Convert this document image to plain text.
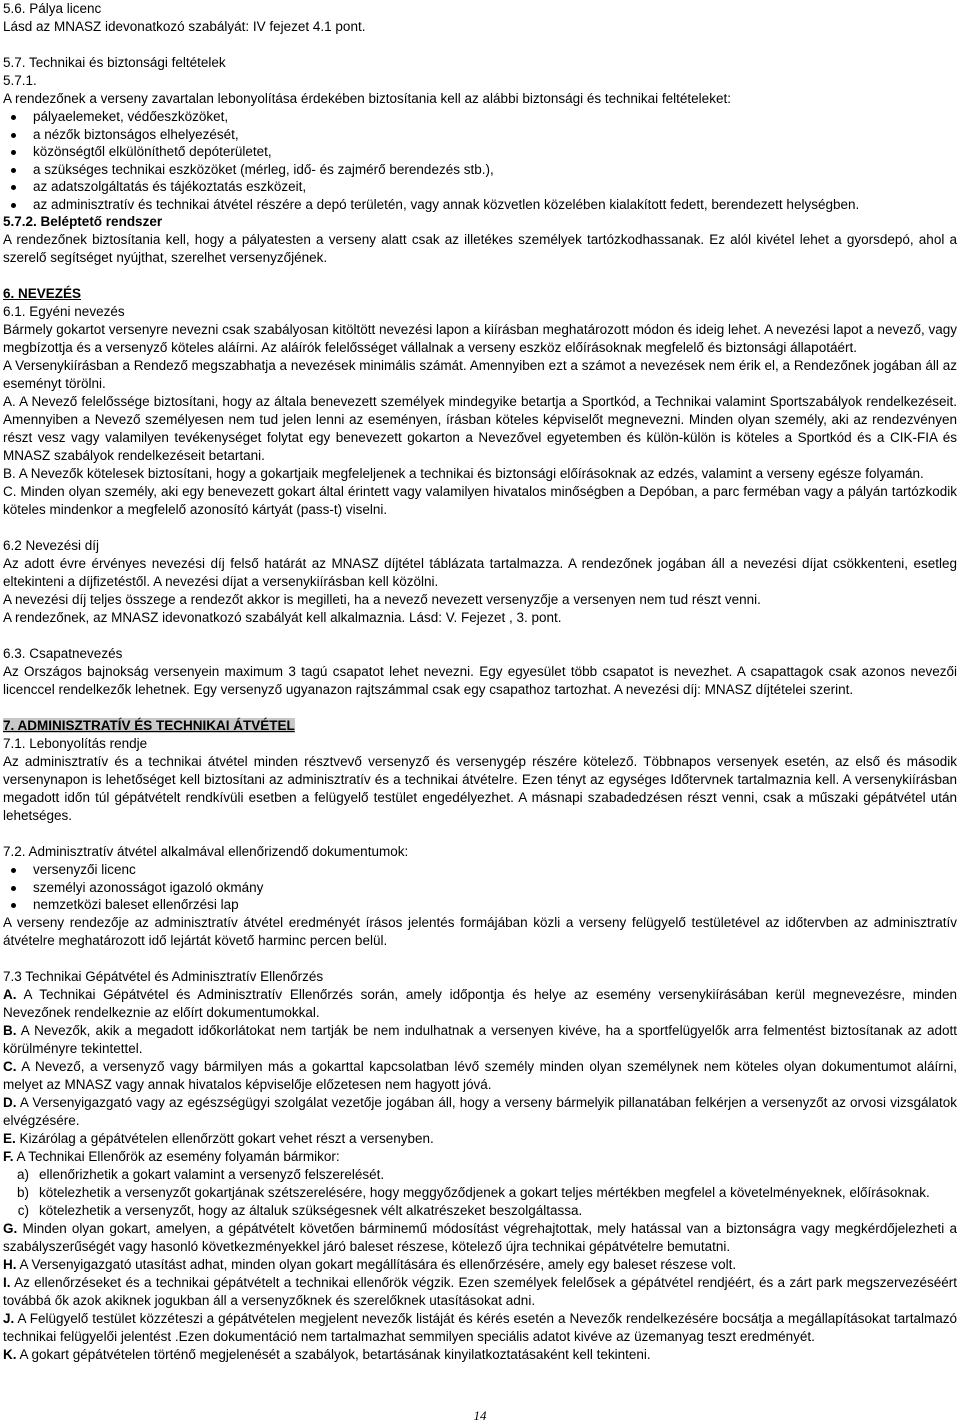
5.6. Pálya licenc

Lásd az MNASZ idevonatkozó szabályát: IV fejezet 4.1 pont.

5.7. Technikai és biztonsági feltételek

5.7.1.

A rendezőnek a verseny zavartalan lebonyolítása érdekében biztosítania kell az alábbi biztonsági és technikai feltételeket:

pályaelemeket, védőeszközöket,
a nézők biztonságos elhelyezését,
közönségtől elkülöníthető depóterületet,
a szükséges technikai eszközöket (mérleg, idő- és zajmérő berendezés stb.),
az adatszolgáltatás és tájékoztatás eszközeit,
az adminisztratív és technikai átvétel részére a depó területén, vagy annak közvetlen közelében kialakított fedett, berendezett helységben.

5.7.2. Beléptető rendszer

A rendezőnek biztosítania kell, hogy a pályatesten a verseny alatt csak az illetékes személyek tartózkodhassanak. Ez alól kivétel lehet a gyorsdepó, ahol a szerelő segítséget nyújthat, szerelhet versenyzőjének.

6. NEVEZÉS

6.1. Egyéni nevezés

Bármely gokartot versenyre nevezni csak szabályosan kitöltött nevezési lapon a kiírásban meghatározott módon és ideig lehet. A nevezési lapot a nevező, vagy megbízottja és a versenyző köteles aláírni. Az aláírók felelősséget vállalnak a verseny eszköz előírásoknak megfelelő és biztonsági állapotáért.

A Versenykiírásban a Rendező megszabhatja a nevezések minimális számát. Amennyiben ezt a számot a nevezések nem érik el, a Rendezőnek jogában áll az eseményt törölni.

A. A Nevező felelőssége biztosítani, hogy az általa benevezett személyek mindegyike betartja a Sportkód, a Technikai valamint Sportszabályok rendelkezéseit. Amennyiben a Nevező személyesen nem tud jelen lenni az eseményen, írásban köteles képviselőt megnevezni. Minden olyan személy, aki az rendezvényen részt vesz vagy valamilyen tevékenységet folytat egy benevezett gokarton a Nevezővel egyetemben és külön-külön is köteles a Sportkód és a CIK-FIA és MNASZ szabályok rendelkezéseit betartani.

B. A Nevezők kötelesek biztosítani, hogy a gokartjaik megfeleljenek a technikai és biztonsági előírásoknak az edzés, valamint a verseny egésze folyamán.

C. Minden olyan személy, aki egy benevezett gokart által érintett vagy valamilyen hivatalos minőségben a Depóban, a parc ferméban vagy a pályán tartózkodik köteles mindenkor a megfelelő azonosító kártyát (pass-t) viselni.

6.2 Nevezési díj

Az adott évre érvényes nevezési díj felső határát az MNASZ díjtétel táblázata tartalmazza. A rendezőnek jogában áll a nevezési díjat csökkenteni, esetleg eltekinteni a díjfizetéstől. A nevezési díjat a versenykiírásban kell közölni.

A nevezési díj teljes összege a rendezőt akkor is megilleti, ha a nevező nevezett versenyzője a versenyen nem tud részt venni.

A rendezőnek, az MNASZ idevonatkozó szabályát kell alkalmaznia. Lásd: V. Fejezet , 3. pont.

6.3. Csapatnevezés

Az Országos bajnokság versenyein maximum 3 tagú csapatot lehet nevezni. Egy egyesület több csapatot is nevezhet. A csapattagok csak azonos nevezői licenccel rendelkezők lehetnek. Egy versenyző ugyanazon rajtszámmal csak egy csapathoz tartozhat. A nevezési díj: MNASZ díjtételei szerint.

7. ADMINISZTRATÍV ÉS TECHNIKAI ÁTVÉTEL

7.1. Lebonyolítás rendje

Az adminisztratív és a technikai átvétel minden résztvevő versenyző és versenygép részére kötelező. Többnapos versenyek esetén, az első és második versenynapon is lehetőséget kell biztosítani az adminisztratív és a technikai átvételre. Ezen tényt az egységes Időtervnek tartalmaznia kell. A versenykiírásban megadott időn túl gépátvételt rendkívüli esetben a felügyelő testület engedélyezhet. A másnapi szabadedzésen részt venni, csak a műszaki gépátvétel után lehetséges.

7.2. Adminisztratív átvétel alkalmával ellenőrizendő dokumentumok:

versenyzői licenc
személyi azonosságot igazoló okmány
nemzetközi baleset ellenőrzési lap

A verseny rendezője az adminisztratív átvétel eredményét írásos jelentés formájában közli a verseny felügyelő testületével az időtervben az adminisztratív átvételre meghatározott idő lejártát követő harminc percen belül.

7.3 Technikai Gépátvétel és Adminisztratív Ellenőrzés

A. A Technikai Gépátvétel és Adminisztratív Ellenőrzés során, amely időpontja és helye az esemény versenykiírásában kerül megnevezésre, minden Nevezőnek rendelkeznie az előírt dokumentumokkal.

B. A Nevezők, akik a megadott időkorlátokat nem tartják be nem indulhatnak a versenyen kivéve, ha a sportfelügyelők arra felmentést biztosítanak az adott körülményre tekintettel.

C. A Nevező, a versenyző vagy bármilyen más a gokarttal kapcsolatban lévő személy minden olyan személynek nem köteles olyan dokumentumot aláírni, melyet az MNASZ vagy annak hivatalos képviselője előzetesen nem hagyott jóvá.

D. A Versenyigazgató vagy az egészségügyi szolgálat vezetője jogában áll, hogy a verseny bármelyik pillanatában felkérjen a versenyzőt az orvosi vizsgálatok elvégzésére.

E. Kizárólag a gépátvételen ellenőrzött gokart vehet részt a versenyben.

F. A Technikai Ellenőrök az esemény folyamán bármikor:

a) ellenőrizhetik a gokart valamint a versenyző felszerelését.

b) kötelezhetik a versenyzőt gokartjának szétszerelésére, hogy meggyőződjenek a gokart teljes mértékben megfelel a követelményeknek, előírásoknak.

c) kötelezhetik a versenyzőt, hogy az általuk szükségesnek vélt alkatrészeket beszolgáltassa.

G. Minden olyan gokart, amelyen, a gépátvételt követően bárminemű módosítást végrehajtottak, mely hatással van a biztonságra vagy megkérdőjelezheti a szabályszerűségét vagy hasonló következményekkel járó baleset részese, kötelező újra technikai gépátvételre bemutatni.

H. A Versenyigazgató utasítást adhat, minden olyan gokart megállítására és ellenőrzésére, amely egy baleset részese volt.

I. Az ellenőrzéseket és a technikai gépátvételt a technikai ellenőrök végzik. Ezen személyek felelősek a gépátvétel rendjéért, és a zárt park megszervezéséért továbbá ők azok akiknek jogukban áll a versenyzőknek és szerelőknek utasításokat adni.

J. A Felügyelő testület közzéteszi a gépátvételen megjelent nevezők listáját és kérés esetén a Nevezők rendelkezésére bocsátja a megállapításokat tartalmazó technikai felügyelői jelentést .Ezen dokumentáció nem tartalmazhat semmilyen speciális adatot kivéve az üzemanyag teszt eredményét.

K. A gokart gépátvételen történő megjelenését a szabályok, betartásának kinyilatkoztatásaként kell tekinteni.

14
